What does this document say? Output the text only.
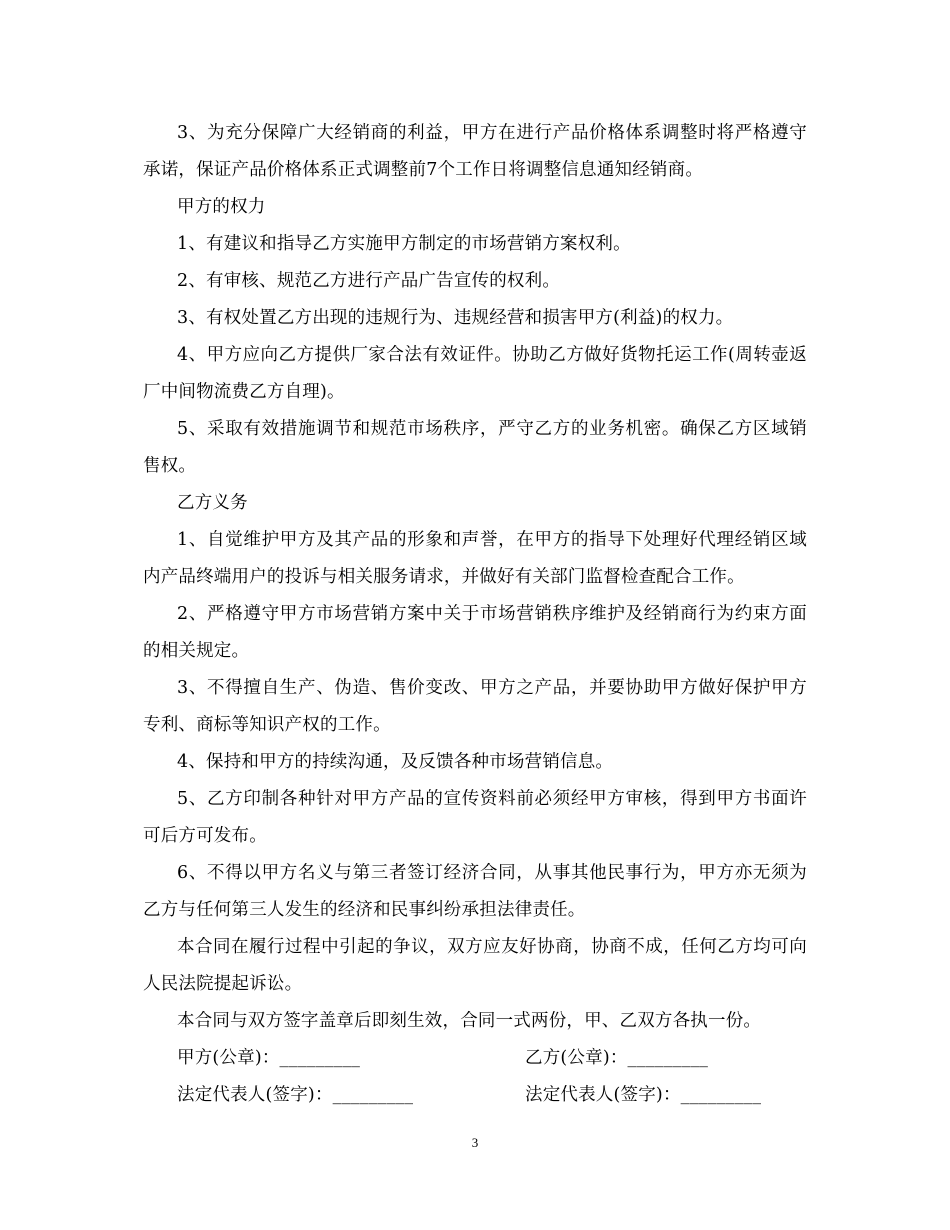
3、为充分保障广大经销商的利益，甲方在进行产品价格体系调整时将严格遵守承诺，保证产品价格体系正式调整前7个工作日将调整信息通知经销商。

甲方的权力

1、有建议和指导乙方实施甲方制定的市场营销方案权利。

2、有审核、规范乙方进行产品广告宣传的权利。

3、有权处置乙方出现的违规行为、违规经营和损害甲方(利益)的权力。

4、甲方应向乙方提供厂家合法有效证件。协助乙方做好货物托运工作(周转壶返厂中间物流费乙方自理)。

5、采取有效措施调节和规范市场秩序，严守乙方的业务机密。确保乙方区域销售权。

乙方义务

1、自觉维护甲方及其产品的形象和声誉，在甲方的指导下处理好代理经销区域内产品终端用户的投诉与相关服务请求，并做好有关部门监督检查配合工作。

2、严格遵守甲方市场营销方案中关于市场营销秩序维护及经销商行为约束方面的相关规定。

3、不得擅自生产、伪造、售价变改、甲方之产品，并要协助甲方做好保护甲方专利、商标等知识产权的工作。

4、保持和甲方的持续沟通，及反馈各种市场营销信息。

5、乙方印制各种针对甲方产品的宣传资料前必须经甲方审核，得到甲方书面许可后方可发布。

6、不得以甲方名义与第三者签订经济合同，从事其他民事行为，甲方亦无须为乙方与任何第三人发生的经济和民事纠纷承担法律责任。

本合同在履行过程中引起的争议，双方应友好协商，协商不成，任何乙方均可向人民法院提起诉讼。

本合同与双方签字盖章后即刻生效，合同一式两份，甲、乙双方各执一份。

甲方(公章)：_________	乙方(公章)：_________
法定代表人(签字)：_________	法定代表人(签字)：_________
3
